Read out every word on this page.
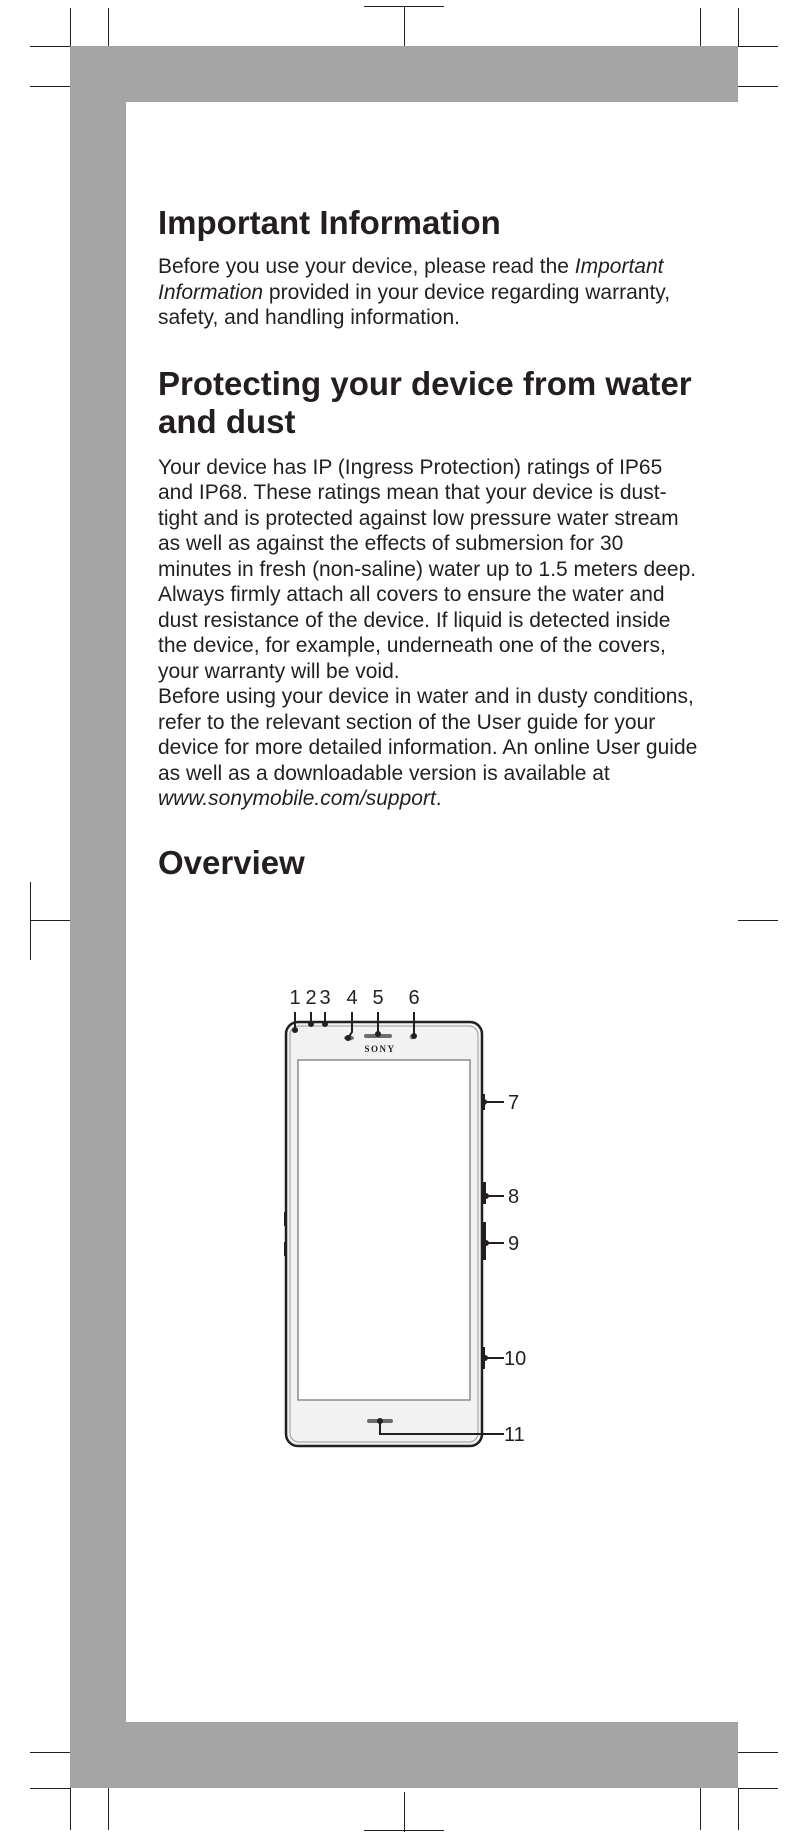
Important Information

Before you use your device, please read the Important Information provided in your device regarding warranty, safety, and handling information.

Protecting your device from water and dust

Your device has IP (Ingress Protection) ratings of IP65 and IP68. These ratings mean that your device is dust-tight and is protected against low pressure water stream as well as against the effects of submersion for 30 minutes in fresh (non-saline) water up to 1.5 meters deep.

Always firmly attach all covers to ensure the water and dust resistance of the device. If liquid is detected inside the device, for example, underneath one of the covers, your warranty will be void.

Before using your device in water and in dusty conditions, refer to the relevant section of the User guide for your device for more detailed information. An online User guide as well as a downloadable version is available at www.sonymobile.com/support.

Overview
SONY
1 2 3 4 5 6
7
8
9
10
11
